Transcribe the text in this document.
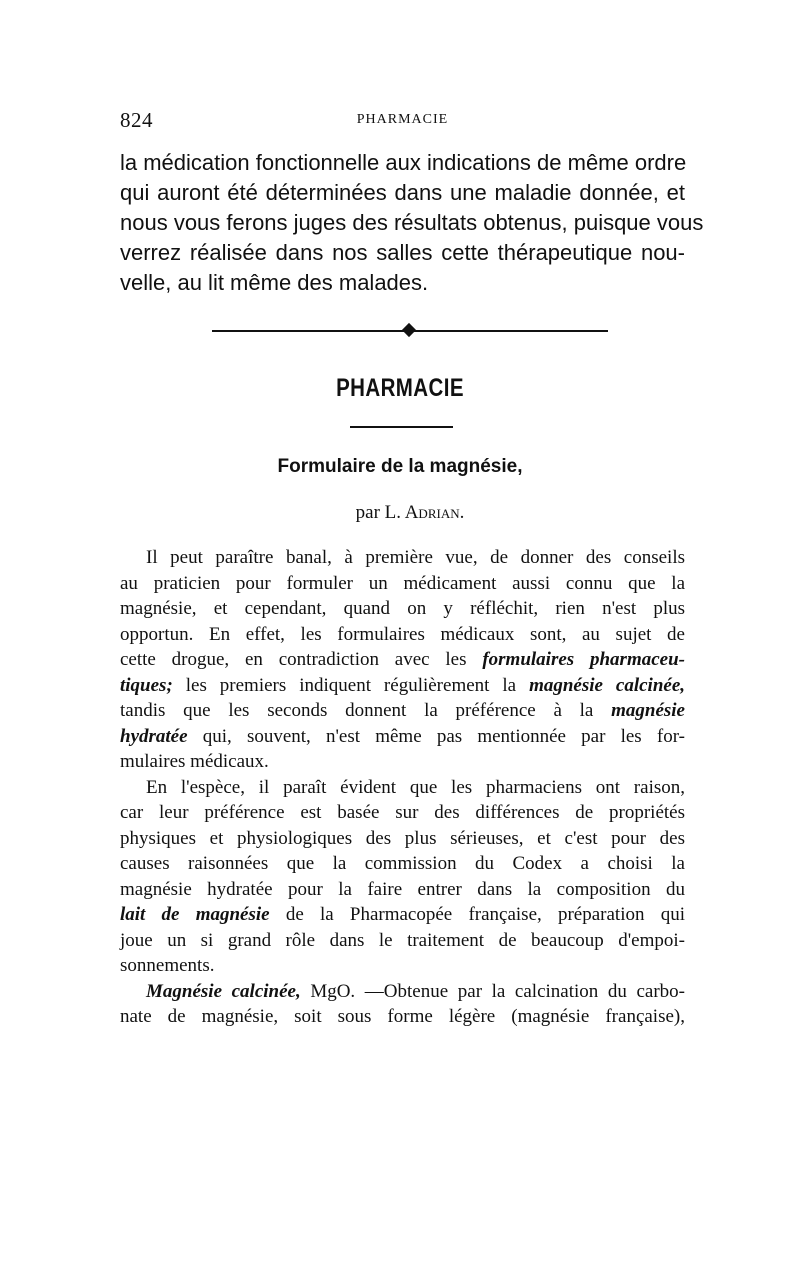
824	PHARMACIE
la médication fonctionnelle aux indications de même ordre
qui auront été déterminées dans une maladie donnée, et
nous vous ferons juges des résultats obtenus, puisque vous
verrez réalisée dans nos salles cette thérapeutique nou-
velle, au lit même des malades.
PHARMACIE
Formulaire de la magnésie,
par L. Adrian.
Il peut paraître banal, à première vue, de donner des conseils
au praticien pour formuler un médicament aussi connu que la
magnésie, et cependant, quand on y réfléchit, rien n'est plus
opportun. En effet, les formulaires médicaux sont, au sujet de
cette drogue, en contradiction avec les formulaires pharmaceu-
tiques; les premiers indiquent régulièrement la magnésie calcinée,
tandis que les seconds donnent la préférence à la magnésie
hydratée qui, souvent, n'est même pas mentionnée par les for-
mulaires médicaux.
En l'espèce, il paraît évident que les pharmaciens ont raison,
car leur préférence est basée sur des différences de propriétés
physiques et physiologiques des plus sérieuses, et c'est pour des
causes raisonnées que la commission du Codex a choisi la
magnésie hydratée pour la faire entrer dans la composition du
lait de magnésie de la Pharmacopée française, préparation qui
joue un si grand rôle dans le traitement de beaucoup d'empoi-
sonnements.
Magnésie calcinée, MgO. —Obtenue par la calcination du carbo-
nate de magnésie, soit sous forme légère (magnésie française),
